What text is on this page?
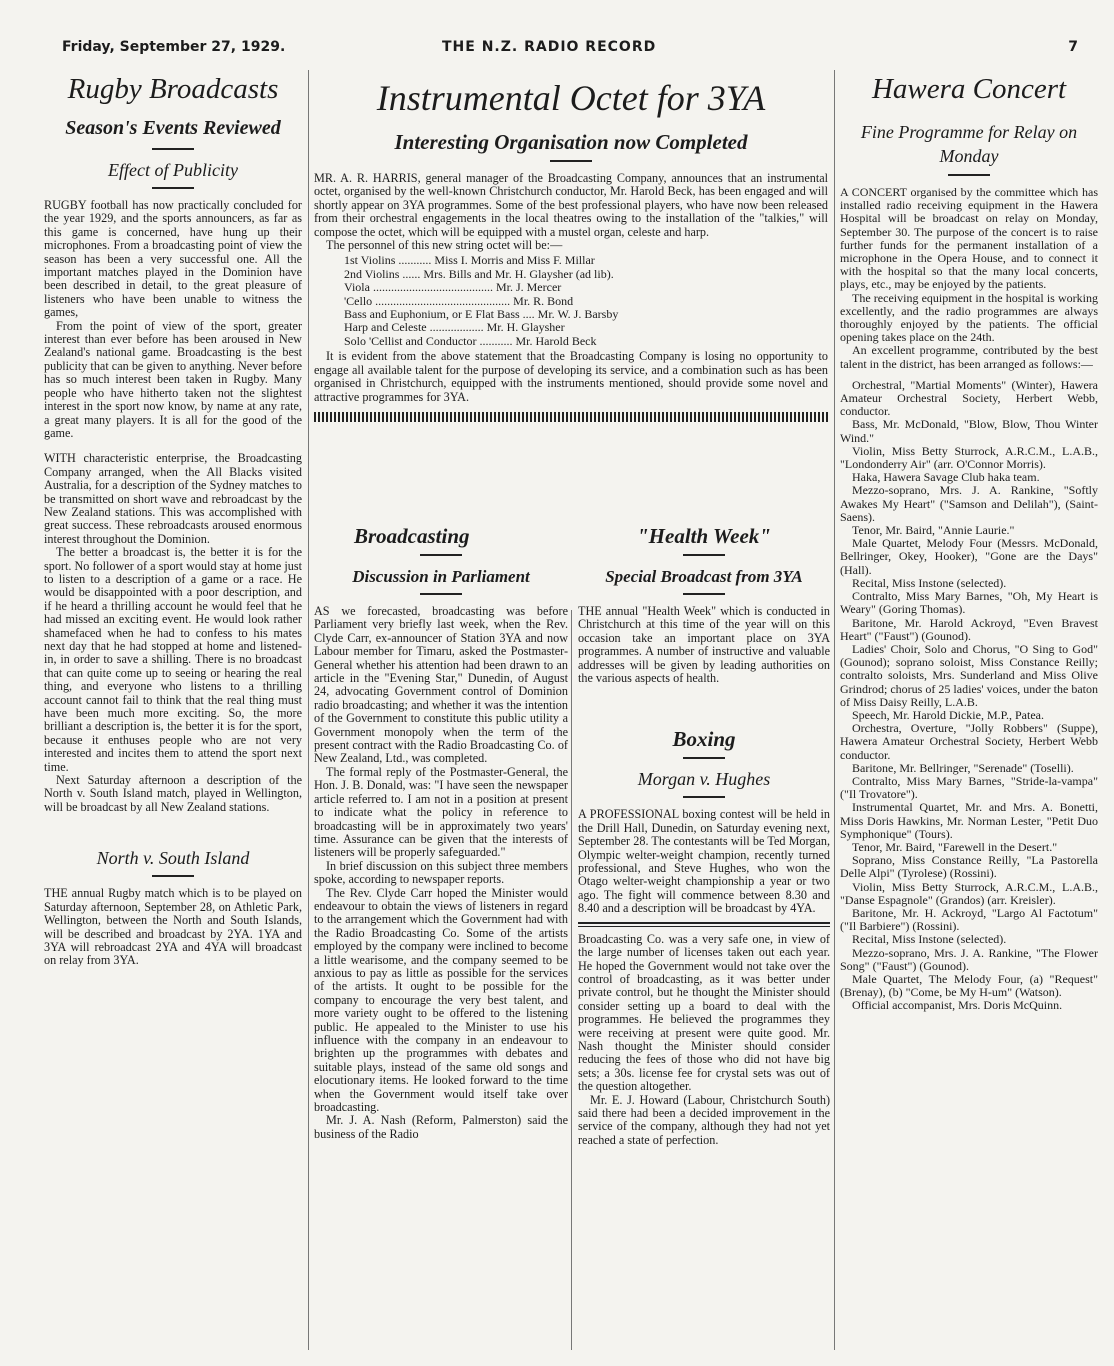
Friday, September 27, 1929.	THE N.Z. RADIO RECORD	7
Rugby Broadcasts
Season's Events Reviewed
Effect of Publicity

RUGBY football has now practically concluded for the year 1929, and the sports announcers, as far as this game is concerned, have hung up their microphones. From a broadcasting point of view the season has been a very successful one. All the important matches played in the Dominion have been described in detail, to the great pleasure of listeners who have been unable to witness the games,

From the point of view of the sport, greater interest than ever before has been aroused in New Zealand's national game. Broadcasting is the best publicity that can be given to anything. Never before has so much interest been taken in Rugby. Many people who have hitherto taken not the slightest interest in the sport now know, by name at any rate, a great many players. It is all for the good of the game.

WITH characteristic enterprise, the Broadcasting Company arranged, when the All Blacks visited Australia, for a description of the Sydney matches to be transmitted on short wave and rebroadcast by the New Zealand stations. This was accomplished with great success. These rebroadcasts aroused enormous interest throughout the Dominion.

The better a broadcast is, the better it is for the sport. No follower of a sport would stay at home just to listen to a description of a game or a race. He would be disappointed with a poor description, and if he heard a thrilling account he would feel that he had missed an exciting event. He would look rather shamefaced when he had to confess to his mates next day that he had stopped at home and listened-in, in order to save a shilling. There is no broadcast that can quite come up to seeing or hearing the real thing, and everyone who listens to a thrilling account cannot fail to think that the real thing must have been much more exciting. So, the more brilliant a description is, the better it is for the sport, because it enthuses people who are not very interested and incites them to attend the sport next time.

Next Saturday afternoon a description of the North v. South Island match, played in Wellington, will be broadcast by all New Zealand stations.

North v. South Island

THE annual Rugby match which is to be played on Saturday afternoon, September 28, on Athletic Park, Wellington, between the North and South Islands, will be described and broadcast by 2YA. 1YA and 3YA will rebroadcast 2YA and 4YA will broadcast on relay from 3YA.

Instrumental Octet for 3YA
Interesting Organisation now Completed

MR. A. R. HARRIS, general manager of the Broadcasting Company, announces that an instrumental octet, organised by the well-known Christchurch conductor, Mr. Harold Beck, has been engaged and will shortly appear on 3YA programmes. Some of the best professional players, who have now been released from their orchestral engagements in the local theatres owing to the installation of the "talkies," will compose the octet, which will be equipped with a mustel organ, celeste and harp.

The personnel of this new string octet will be:—

1st Violins ........... Miss I. Morris and Miss F. Millar
2nd Violins ...... Mrs. Bills and Mr. H. Glaysher (ad lib).
Viola ........................................ Mr. J. Mercer
'Cello ............................................. Mr. R. Bond
Bass and Euphonium, or E Flat Bass .... Mr. W. J. Barsby
Harp and Celeste .................. Mr. H. Glaysher
Solo 'Cellist and Conductor ........... Mr. Harold Beck

It is evident from the above statement that the Broadcasting Company is losing no opportunity to engage all available talent for the purpose of developing its service, and a combination such as has been organised in Christchurch, equipped with the instruments mentioned, should provide some novel and attractive programmes for 3YA.

Broadcasting
Discussion in Parliament

AS we forecasted, broadcasting was before Parliament very briefly last week, when the Rev. Clyde Carr, ex-announcer of Station 3YA and now Labour member for Timaru, asked the Postmaster-General whether his attention had been drawn to an article in the "Evening Star," Dunedin, of August 24, advocating Government control of Dominion radio broadcasting; and whether it was the intention of the Government to constitute this public utility a Government monopoly when the term of the present contract with the Radio Broadcasting Co. of New Zealand, Ltd., was completed.

The formal reply of the Postmaster-General, the Hon. J. B. Donald, was: "I have seen the newspaper article referred to. I am not in a position at present to indicate what the policy in reference to broadcasting will be in approximately two years' time. Assurance can be given that the interests of listeners will be properly safeguarded."

In brief discussion on this subject three members spoke, according to newspaper reports.

The Rev. Clyde Carr hoped the Minister would endeavour to obtain the views of listeners in regard to the arrangement which the Government had with the Radio Broadcasting Co. Some of the artists employed by the company were inclined to become a little wearisome, and the company seemed to be anxious to pay as little as possible for the services of the artists. It ought to be possible for the company to encourage the very best talent, and more variety ought to be offered to the listening public. He appealed to the Minister to use his influence with the company in an endeavour to brighten up the programmes with debates and suitable plays, instead of the same old songs and elocutionary items. He looked forward to the time when the Government would itself take over broadcasting.

Mr. J. A. Nash (Reform, Palmerston) said the business of the Radio

"Health Week"
Special Broadcast from 3YA

THE annual "Health Week" which is conducted in Christchurch at this time of the year will on this occasion take an important place on 3YA programmes. A number of instructive and valuable addresses will be given by leading authorities on the various aspects of health.

Boxing
Morgan v. Hughes

A PROFESSIONAL boxing contest will be held in the Drill Hall, Dunedin, on Saturday evening next, September 28. The contestants will be Ted Morgan, Olympic welter-weight champion, recently turned professional, and Steve Hughes, who won the Otago welter-weight championship a year or two ago. The fight will commence between 8.30 and 8.40 and a description will be broadcast by 4YA.

Broadcasting Co. was a very safe one, in view of the large number of licenses taken out each year. He hoped the Government would not take over the control of broadcasting, as it was better under private control, but he thought the Minister should consider setting up a board to deal with the programmes. He believed the programmes they were receiving at present were quite good. Mr. Nash thought the Minister should consider reducing the fees of those who did not have big sets; a 30s. license fee for crystal sets was out of the question altogether.

Mr. E. J. Howard (Labour, Christchurch South) said there had been a decided improvement in the service of the company, although they had not yet reached a state of perfection.

Hawera Concert
Fine Programme for Relay on Monday

A CONCERT organised by the committee which has installed radio receiving equipment in the Hawera Hospital will be broadcast on relay on Monday, September 30. The purpose of the concert is to raise further funds for the permanent installation of a microphone in the Opera House, and to connect it with the hospital so that the many local concerts, plays, etc., may be enjoyed by the patients.

The receiving equipment in the hospital is working excellently, and the radio programmes are always thoroughly enjoyed by the patients. The official opening takes place on the 24th.

An excellent programme, contributed by the best talent in the district, has been arranged as follows:—

Orchestral, "Martial Moments" (Winter), Hawera Amateur Orchestral Society, Herbert Webb, conductor.

Bass, Mr. McDonald, "Blow, Blow, Thou Winter Wind."

Violin, Miss Betty Sturrock, A.R.C.M., L.A.B., "Londonderry Air" (arr. O'Connor Morris).

Haka, Hawera Savage Club haka team.

Mezzo-soprano, Mrs. J. A. Rankine, "Softly Awakes My Heart" ("Samson and Delilah"), (Saint-Saens).

Tenor, Mr. Baird, "Annie Laurie."

Male Quartet, Melody Four (Messrs. McDonald, Bellringer, Okey, Hooker), "Gone are the Days" (Hall).

Recital, Miss Instone (selected).

Contralto, Miss Mary Barnes, "Oh, My Heart is Weary" (Goring Thomas).

Baritone, Mr. Harold Ackroyd, "Even Bravest Heart" ("Faust") (Gounod).

Ladies' Choir, Solo and Chorus, "O Sing to God" (Gounod); soprano soloist, Miss Constance Reilly; contralto soloists, Mrs. Sunderland and Miss Olive Grindrod; chorus of 25 ladies' voices, under the baton of Miss Daisy Reilly, L.A.B.

Speech, Mr. Harold Dickie, M.P., Patea.

Orchestra, Overture, "Jolly Robbers" (Suppe), Hawera Amateur Orchestral Society, Herbert Webb conductor.

Baritone, Mr. Bellringer, "Serenade" (Toselli).

Contralto, Miss Mary Barnes, "Stride-la-vampa" ("Il Trovatore").

Instrumental Quartet, Mr. and Mrs. A. Bonetti, Miss Doris Hawkins, Mr. Norman Lester, "Petit Duo Symphonique" (Tours).

Tenor, Mr. Baird, "Farewell in the Desert."

Soprano, Miss Constance Reilly, "La Pastorella Delle Alpi" (Tyrolese) (Rossini).

Violin, Miss Betty Sturrock, A.R.C.M., L.A.B., "Danse Espagnole" (Grandos) (arr. Kreisler).

Baritone, Mr. H. Ackroyd, "Largo Al Factotum" ("Il Barbiere") (Rossini).

Recital, Miss Instone (selected).

Mezzo-soprano, Mrs. J. A. Rankine, "The Flower Song" ("Faust") (Gounod).

Male Quartet, The Melody Four, (a) "Request" (Brenay), (b) "Come, be My H-um" (Watson).

Official accompanist, Mrs. Doris McQuinn.
